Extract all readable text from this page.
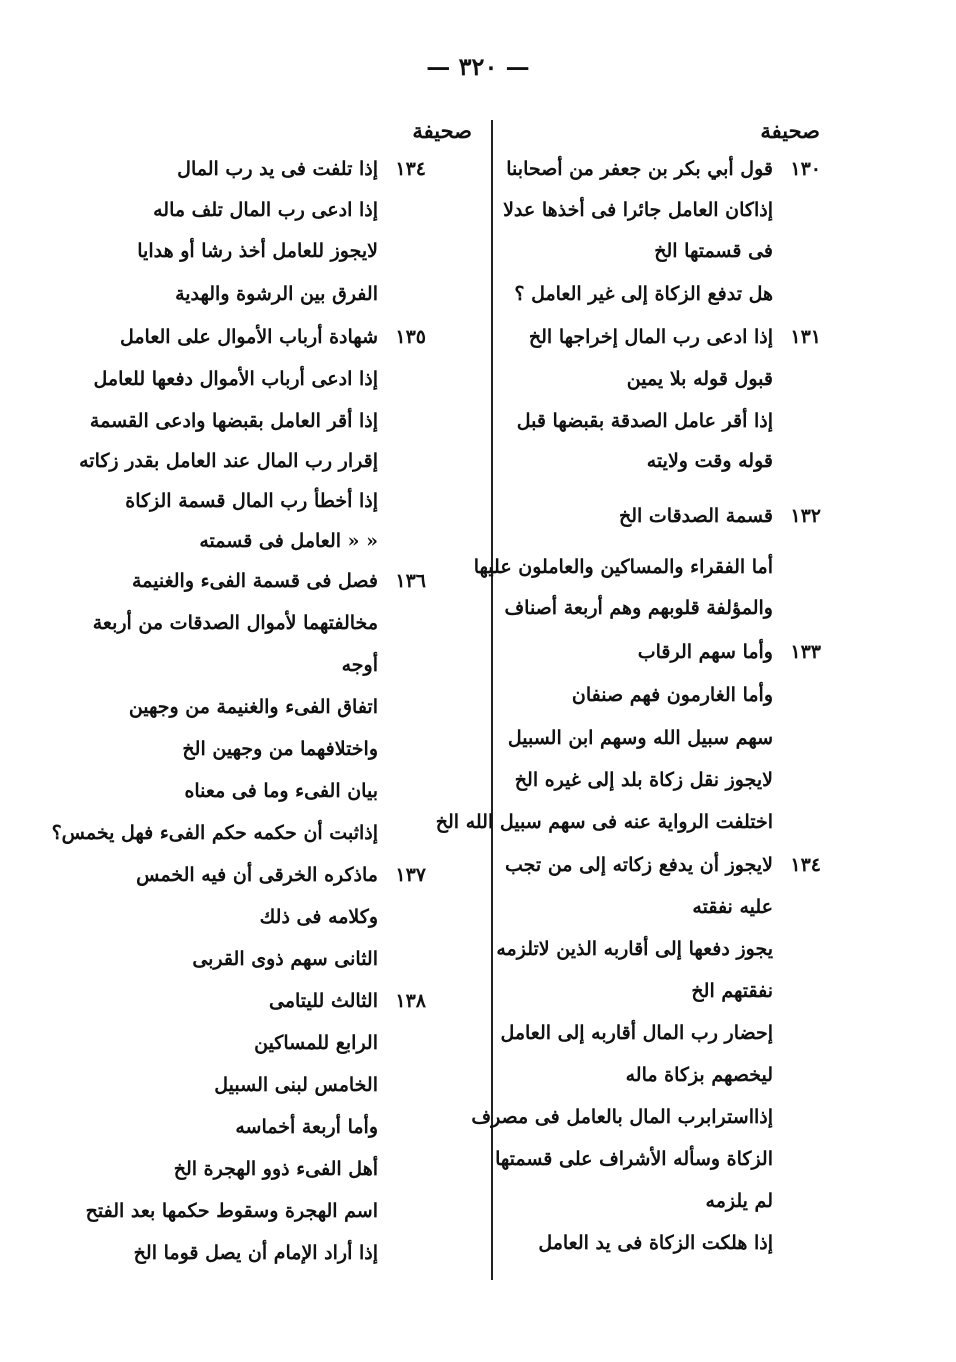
— ٣٢٠ —
صحيفة
صحيفة
١٣٠قول أبي بكر بن جعفر من أصحابنا
إذاكان العامل جائرا فى أخذها عدلا
فى قسمتها الخ
هل تدفع الزكاة إلى غير العامل ؟
١٣١إذا ادعى رب المال إخراجها الخ
قبول قوله بلا يمين
إذا أقر عامل الصدقة بقبضها قبل
قوله وقت ولايته
١٣٢قسمة الصدقات الخ
أما الفقراء والمساكين والعاملون عليها
والمؤلفة قلوبهم وهم أربعة أصناف
١٣٣وأما سهم الرقاب
وأما الغارمون فهم صنفان
سهم سبيل الله وسهم ابن السبيل
لايجوز نقل زكاة بلد إلى غيره الخ
اختلفت الرواية عنه فى سهم سبيل الله الخ
١٣٤لايجوز أن يدفع زكاته إلى من تجب
عليه نفقته
يجوز دفعها إلى أقاربه الذين لاتلزمه
نفقتهم الخ
إحضار رب المال أقاربه إلى العامل
ليخصهم بزكاة ماله
إذااسترابرب المال بالعامل فى مصرف
الزكاة وسأله الأشراف على قسمتها
لم يلزمه
إذا هلكت الزكاة فى يد العامل
١٣٤إذا تلفت فى يد رب المال
إذا ادعى رب المال تلف ماله
لايجوز للعامل أخذ رشا أو هدايا
الفرق بين الرشوة والهدية
١٣٥شهادة أرباب الأموال على العامل
إذا ادعى أرباب الأموال دفعها للعامل
إذا أقر العامل بقبضها وادعى القسمة
إقرار رب المال عند العامل بقدر زكاته
إذا أخطأ رب المال قسمة الزكاة
« « العامل فى قسمته
١٣٦فصل فى قسمة الفىء والغنيمة
مخالفتهما لأموال الصدقات من أربعة
أوجه
اتفاق الفىء والغنيمة من وجهين
واختلافهما من وجهين الخ
بيان الفىء وما فى معناه
إذاثبت أن حكمه حكم الفىء فهل يخمس؟
١٣٧ماذكره الخرقى أن فيه الخمس
وكلامه فى ذلك
الثانى سهم ذوى القربى
١٣٨الثالث لليتامى
الرابع للمساكين
الخامس لبنى السبيل
وأما أربعة أخماسه
أهل الفىء ذوو الهجرة الخ
اسم الهجرة وسقوط حكمها بعد الفتح
إذا أراد الإمام أن يصل قوما الخ
